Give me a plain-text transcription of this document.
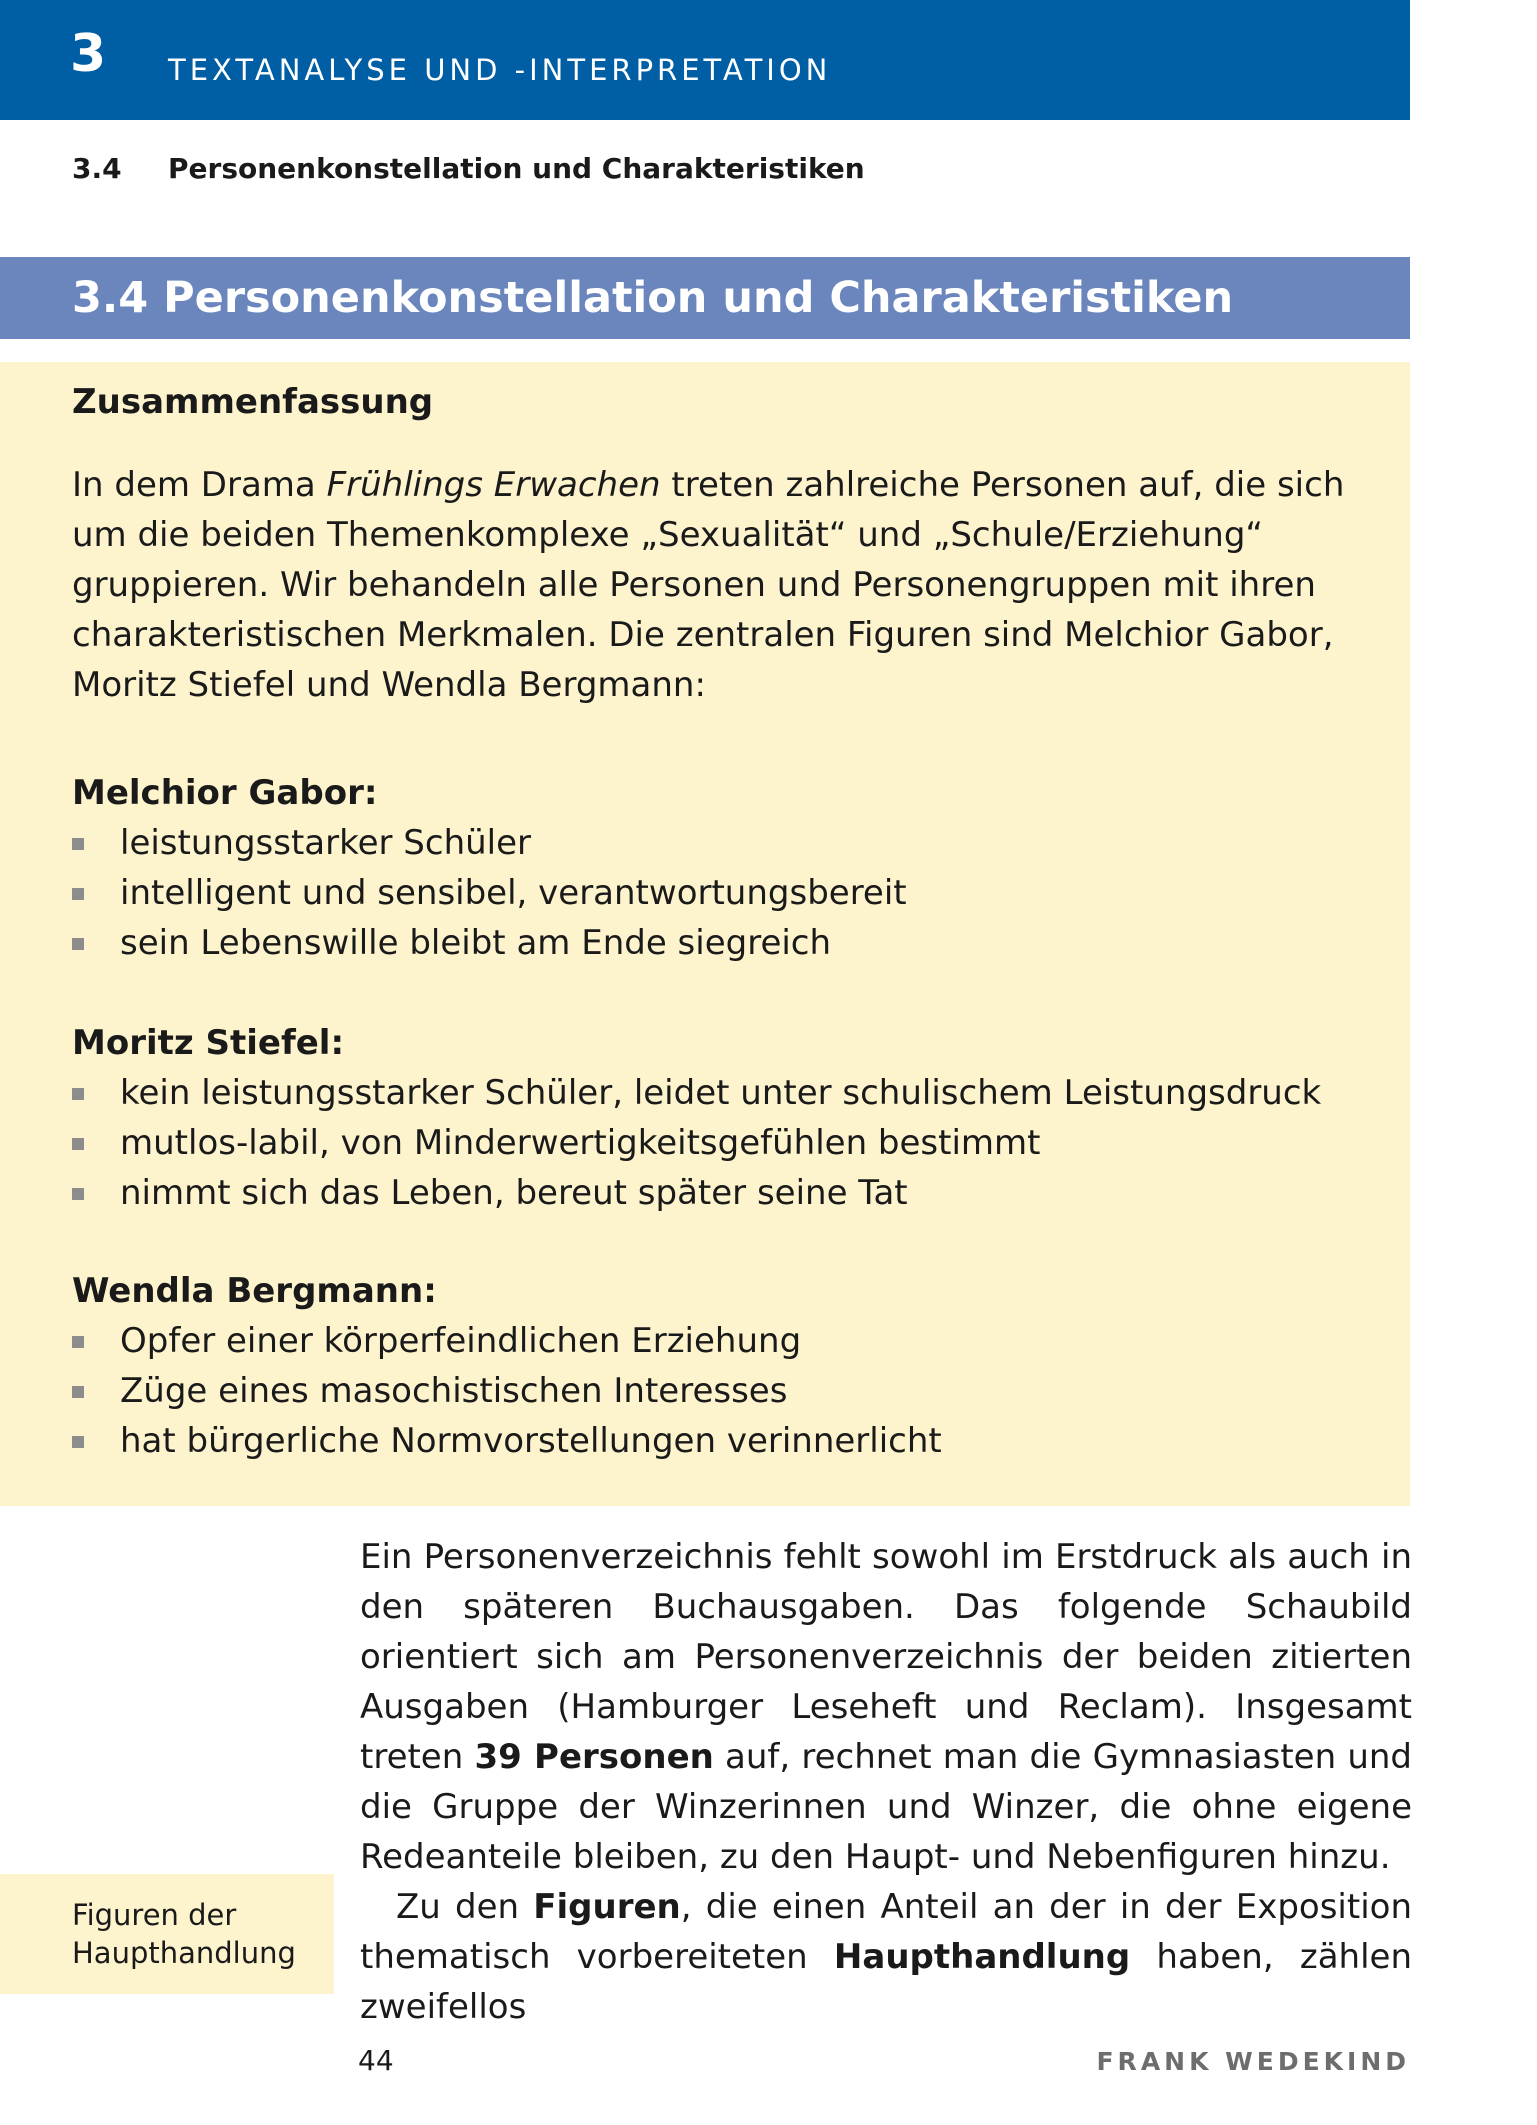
3 TEXTANALYSE UND -INTERPRETATION
3.4 Personenkonstellation und Charakteristiken
3.4 Personenkonstellation und Charakteristiken
Zusammenfassung
In dem Drama Frühlings Erwachen treten zahlreiche Personen auf, die sich um die beiden Themenkomplexe „Sexualität“ und „Schule/Erziehung“ gruppieren. Wir behandeln alle Personen und Personengruppen mit ihren charakteristischen Merkmalen. Die zentralen Figuren sind Melchior Gabor, Moritz Stiefel und Wendla Bergmann:
Melchior Gabor:
leistungsstarker Schüler
intelligent und sensibel, verantwortungsbereit
sein Lebenswille bleibt am Ende siegreich
Moritz Stiefel:
kein leistungsstarker Schüler, leidet unter schulischem Leistungsdruck
mutlos-labil, von Minderwertigkeitsgefühlen bestimmt
nimmt sich das Leben, bereut später seine Tat
Wendla Bergmann:
Opfer einer körperfeindlichen Erziehung
Züge eines masochistischen Interesses
hat bürgerliche Normvorstellungen verinnerlicht
Figuren der
Haupthandlung

Ein Personenverzeichnis fehlt sowohl im Erstdruck als auch in den späteren Buchausgaben. Das folgende Schaubild orientiert sich am Personenverzeichnis der beiden zitierten Ausgaben (Hamburger Leseheft und Reclam). Insgesamt treten 39 Personen auf, rechnet man die Gymnasiasten und die Gruppe der Winzerinnen und Winzer, die ohne eigene Redeanteile bleiben, zu den Haupt- und Nebenfiguren hinzu.

Zu den Figuren, die einen Anteil an der in der Exposition thematisch vorbereiteten Haupthandlung haben, zählen zweifellos

44	FRANK WEDEKIND
